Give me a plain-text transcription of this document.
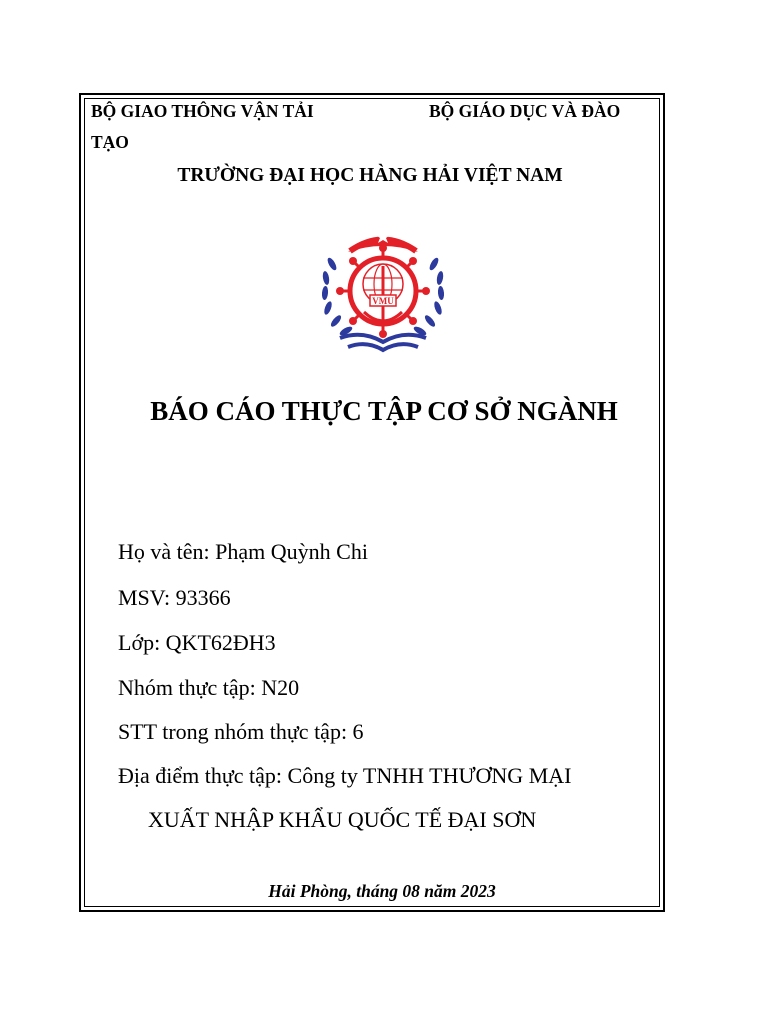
BỘ GIAO THÔNG VẬN TẢI	BỘ GIÁO DỤC VÀ ĐÀO
TẠO
TRƯỜNG ĐẠI HỌC HÀNG HẢI VIỆT NAM
VMU
BÁO CÁO THỰC TẬP CƠ SỞ NGÀNH
Họ và tên: Phạm Quỳnh Chi
MSV: 93366
Lớp: QKT62ĐH3
Nhóm thực tập: N20
STT trong nhóm thực tập: 6
Địa điểm thực tập: Công ty TNHH THƯƠNG MẠI
XUẤT NHẬP KHẨU QUỐC TẾ ĐẠI SƠN
Hải Phòng, tháng 08 năm 2023
